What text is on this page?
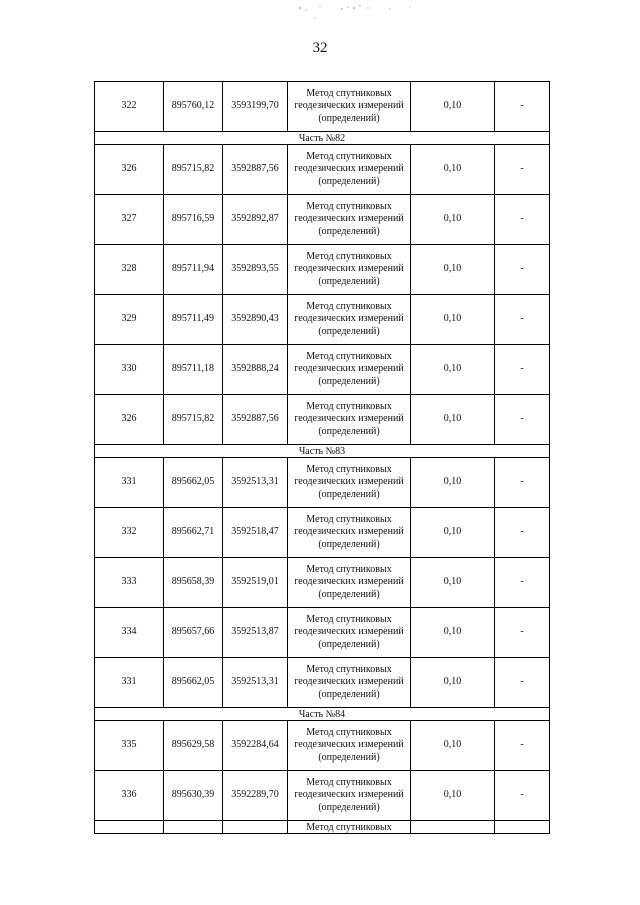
32
322	895760,12	3593199,70	Метод спутниковых геодезических измерений (определений)	0,10	-
Часть №82					
326	895715,82	3592887,56	Метод спутниковых геодезических измерений (определений)	0,10	-
327	895716,59	3592892,87	Метод спутниковых геодезических измерений (определений)	0,10	-
328	895711,94	3592893,55	Метод спутниковых геодезических измерений (определений)	0,10	-
329	895711,49	3592890,43	Метод спутниковых геодезических измерений (определений)	0,10	-
330	895711,18	3592888,24	Метод спутниковых геодезических измерений (определений)	0,10	-
326	895715,82	3592887,56	Метод спутниковых геодезических измерений (определений)	0,10	-
Часть №83					
331	895662,05	3592513,31	Метод спутниковых геодезических измерений (определений)	0,10	-
332	895662,71	3592518,47	Метод спутниковых геодезических измерений (определений)	0,10	-
333	895658,39	3592519,01	Метод спутниковых геодезических измерений (определений)	0,10	-
334	895657,66	3592513,87	Метод спутниковых геодезических измерений (определений)	0,10	-
331	895662,05	3592513,31	Метод спутниковых геодезических измерений (определений)	0,10	-
Часть №84					
335	895629,58	3592284,64	Метод спутниковых геодезических измерений (определений)	0,10	-
336	895630,39	3592289,70	Метод спутниковых геодезических измерений (определений)	0,10	-
			Метод спутниковых		
